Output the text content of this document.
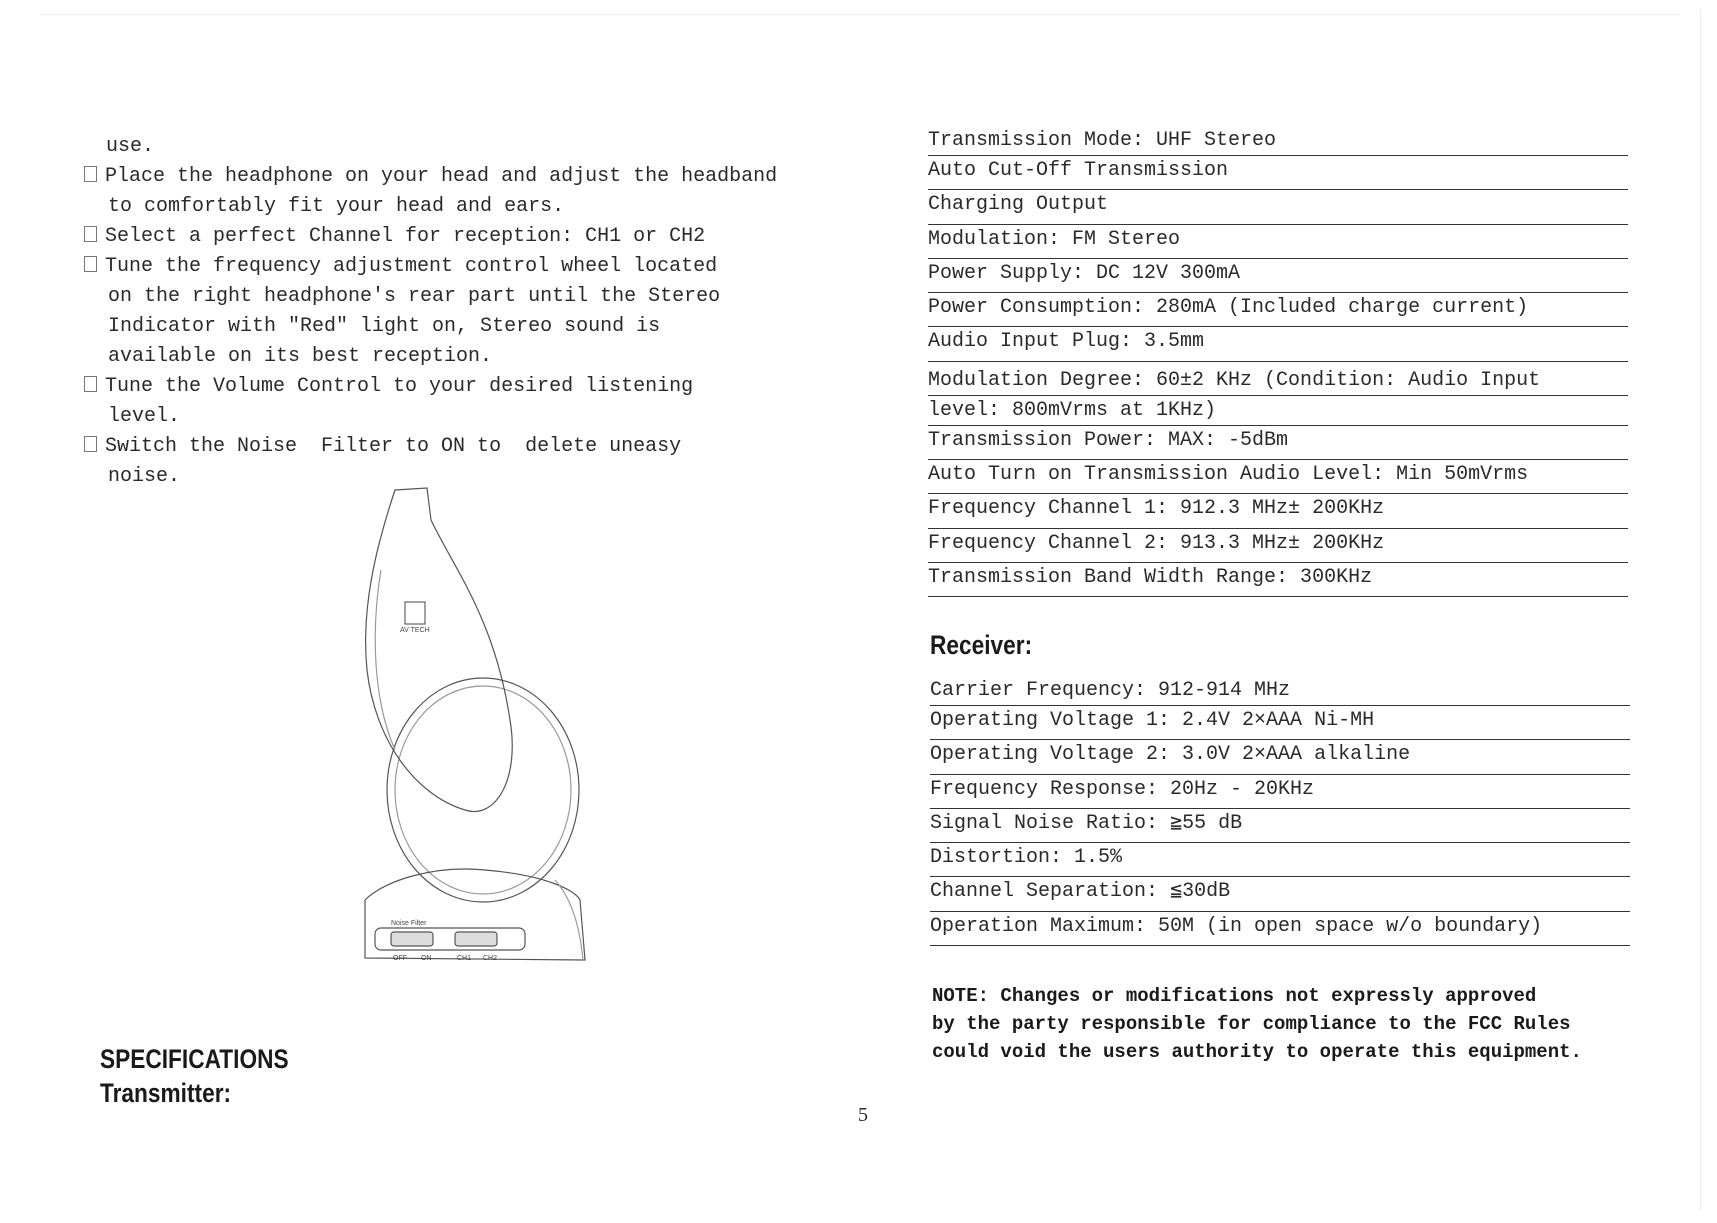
use.
Place the headphone on your head and adjust the headband
to comfortably fit your head and ears.
Select a perfect Channel for reception: CH1 or CH2
Tune the frequency adjustment control wheel located
on the right headphone's rear part until the Stereo
Indicator with "Red" light on, Stereo sound is
available on its best reception.
Tune the Volume Control to your desired listening
level.
Switch the Noise  Filter to ON to  delete uneasy
noise.
AV TECH
Noise Filter
OFF ON	CH1 CH2
SPECIFICATIONS
Transmitter:
5
Transmission Mode: UHF Stereo
Auto Cut-Off Transmission
Charging Output
Modulation: FM Stereo
Power Supply: DC 12V 300mA
Power Consumption: 280mA (Included charge current)
Audio Input Plug: 3.5mm
Modulation Degree: 60±2 KHz (Condition: Audio Input
level: 800mVrms at 1KHz)
Transmission Power: MAX: -5dBm
Auto Turn on Transmission Audio Level: Min 50mVrms
Frequency Channel 1: 912.3 MHz± 200KHz
Frequency Channel 2: 913.3 MHz± 200KHz
Transmission Band Width Range: 300KHz
Receiver:
Carrier Frequency: 912-914 MHz
Operating Voltage 1: 2.4V 2×AAA Ni-MH
Operating Voltage 2: 3.0V 2×AAA alkaline
Frequency Response: 20Hz - 20KHz
Signal Noise Ratio: ≧55 dB
Distortion: 1.5%
Channel Separation: ≦30dB
Operation Maximum: 50M (in open space w/o boundary)
NOTE: Changes or modifications not expressly approved
by the party responsible for compliance to the FCC Rules
could void the users authority to operate this equipment.
